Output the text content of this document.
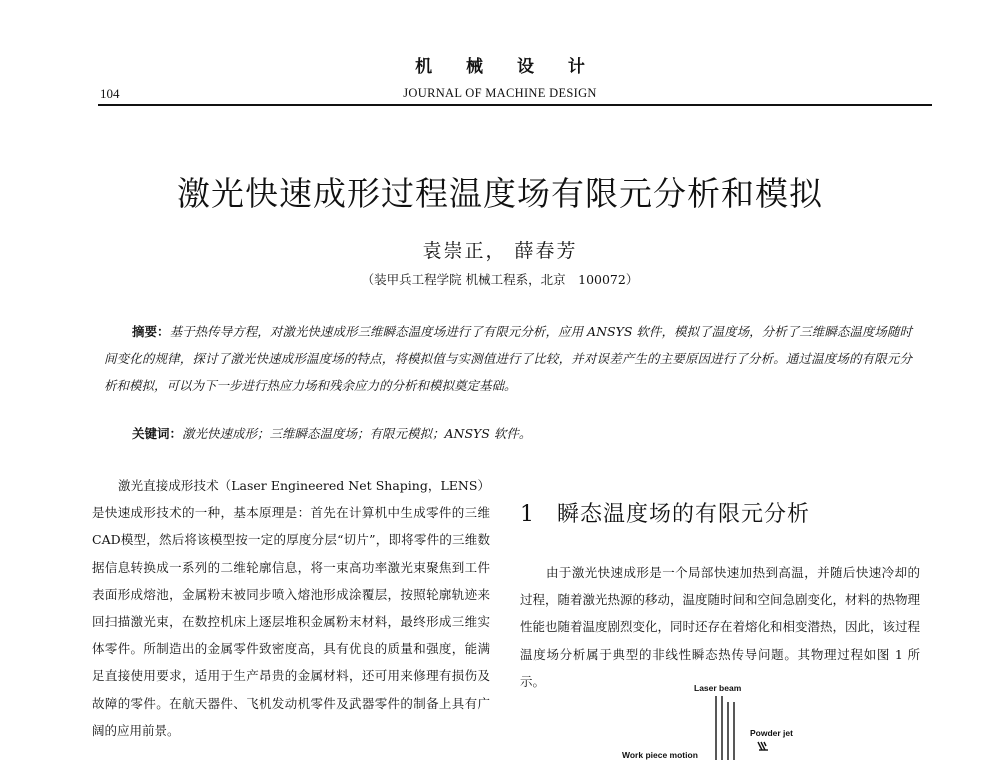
机 械 设 计
104	JOURNAL OF MACHINE DESIGN
激光快速成形过程温度场有限元分析和模拟
袁崇正， 薛春芳
（装甲兵工程学院 机械工程系，北京　100072）
摘要：基于热传导方程，对激光快速成形三维瞬态温度场进行了有限元分析，应用 ANSYS 软件，模拟了温度场，分析了三维瞬态温度场随时间变化的规律，探讨了激光快速成形温度场的特点，将模拟值与实测值进行了比较，并对误差产生的主要原因进行了分析。通过温度场的有限元分析和模拟，可以为下一步进行热应力场和残余应力的分析和模拟奠定基础。
关键词：激光快速成形；三维瞬态温度场；有限元模拟；ANSYS 软件。
激光直接成形技术（Laser Engineered Net Shaping，LENS）是快速成形技术的一种，基本原理是：首先在计算机中生成零件的三维CAD模型，然后将该模型按一定的厚度分层“切片”，即将零件的三维数据信息转换成一系列的二维轮廓信息，将一束高功率激光束聚焦到工件表面形成熔池，金属粉末被同步喷入熔池形成涂覆层，按照轮廓轨迹来回扫描激光束，在数控机床上逐层堆积金属粉末材料，最终形成三维实体零件。所制造出的金属零件致密度高，具有优良的质量和强度，能满足直接使用要求，适用于生产昂贵的金属材料，还可用来修理有损伤及故障的零件。在航天器件、飞机发动机零件及武器零件的制备上具有广阔的应用前景。
1 瞬态温度场的有限元分析
由于激光快速成形是一个局部快速加热到高温，并随后快速冷却的过程，随着激光热源的移动，温度随时间和空间急剧变化，材料的热物理性能也随着温度剧烈变化，同时还存在着熔化和相变潜热，因此，该过程温度场分析属于典型的非线性瞬态热传导问题。其物理过程如图 1 所示。	Laser beam
Powder jet
Work piece motion
